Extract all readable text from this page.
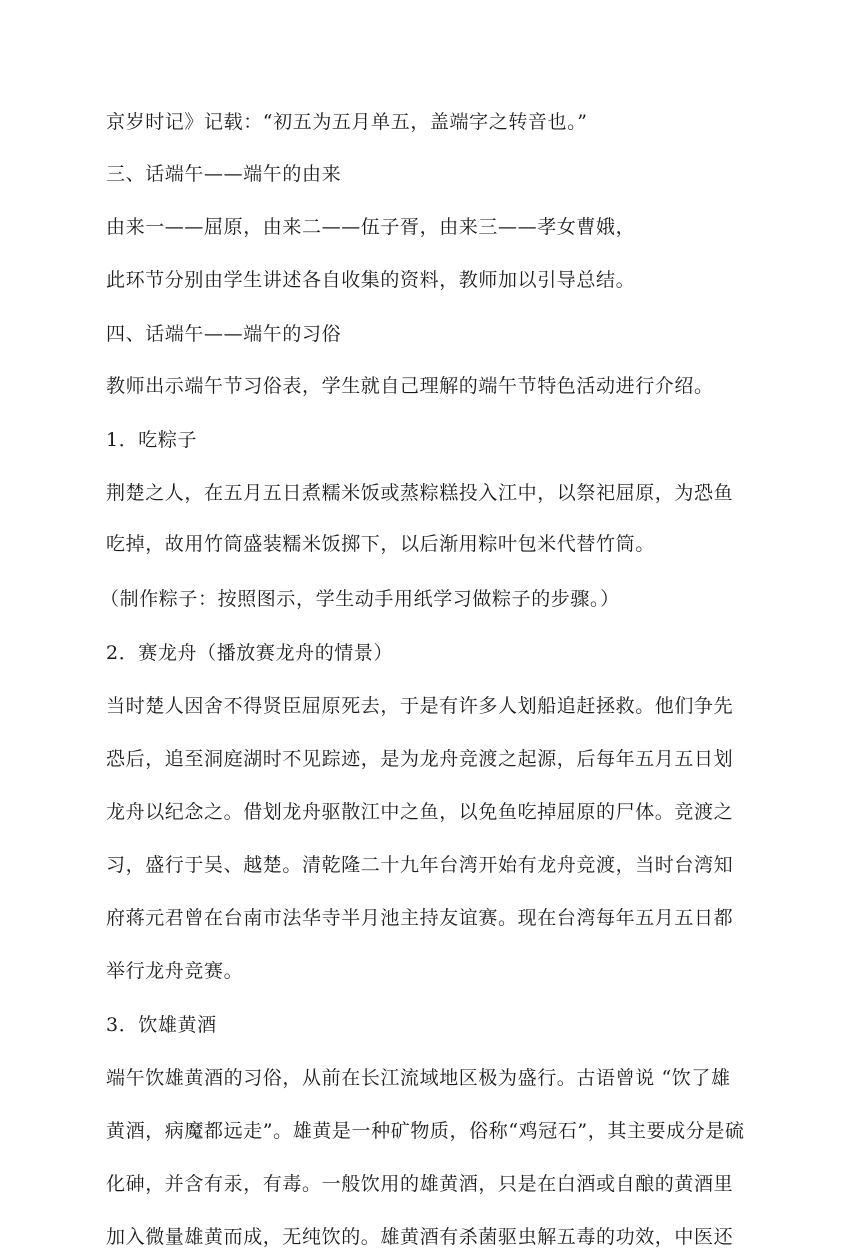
京岁时记》记载：“初五为五月单五，盖端字之转音也。”
三、话端午——端午的由来
由来一——屈原，由来二——伍子胥，由来三——孝女曹娥，
此环节分别由学生讲述各自收集的资料，教师加以引导总结。
四、话端午——端午的习俗
教师出示端午节习俗表，学生就自己理解的端午节特色活动进行介绍。
1．吃粽子
荆楚之人，在五月五日煮糯米饭或蒸粽糕投入江中，以祭祀屈原，为恐鱼
吃掉，故用竹筒盛装糯米饭掷下，以后渐用粽叶包米代替竹筒。
（制作粽子：按照图示，学生动手用纸学习做粽子的步骤。）
2．赛龙舟（播放赛龙舟的情景）
当时楚人因舍不得贤臣屈原死去，于是有许多人划船追赶拯救。他们争先
恐后，追至洞庭湖时不见踪迹，是为龙舟竞渡之起源，后每年五月五日划
龙舟以纪念之。借划龙舟驱散江中之鱼，以免鱼吃掉屈原的尸体。竞渡之
习，盛行于吴、越楚。清乾隆二十九年台湾开始有龙舟竞渡，当时台湾知
府蒋元君曾在台南市法华寺半月池主持友谊赛。现在台湾每年五月五日都
举行龙舟竞赛。
3．饮雄黄酒
端午饮雄黄酒的习俗，从前在长江流域地区极为盛行。古语曾说 “饮了雄
黄酒，病魔都远走”。雄黄是一种矿物质，俗称“鸡冠石”，其主要成分是硫
化砷，并含有汞，有毒。一般饮用的雄黄酒，只是在白酒或自酿的黄酒里
加入微量雄黄而成，无纯饮的。雄黄酒有杀菌驱虫解五毒的功效，中医还
